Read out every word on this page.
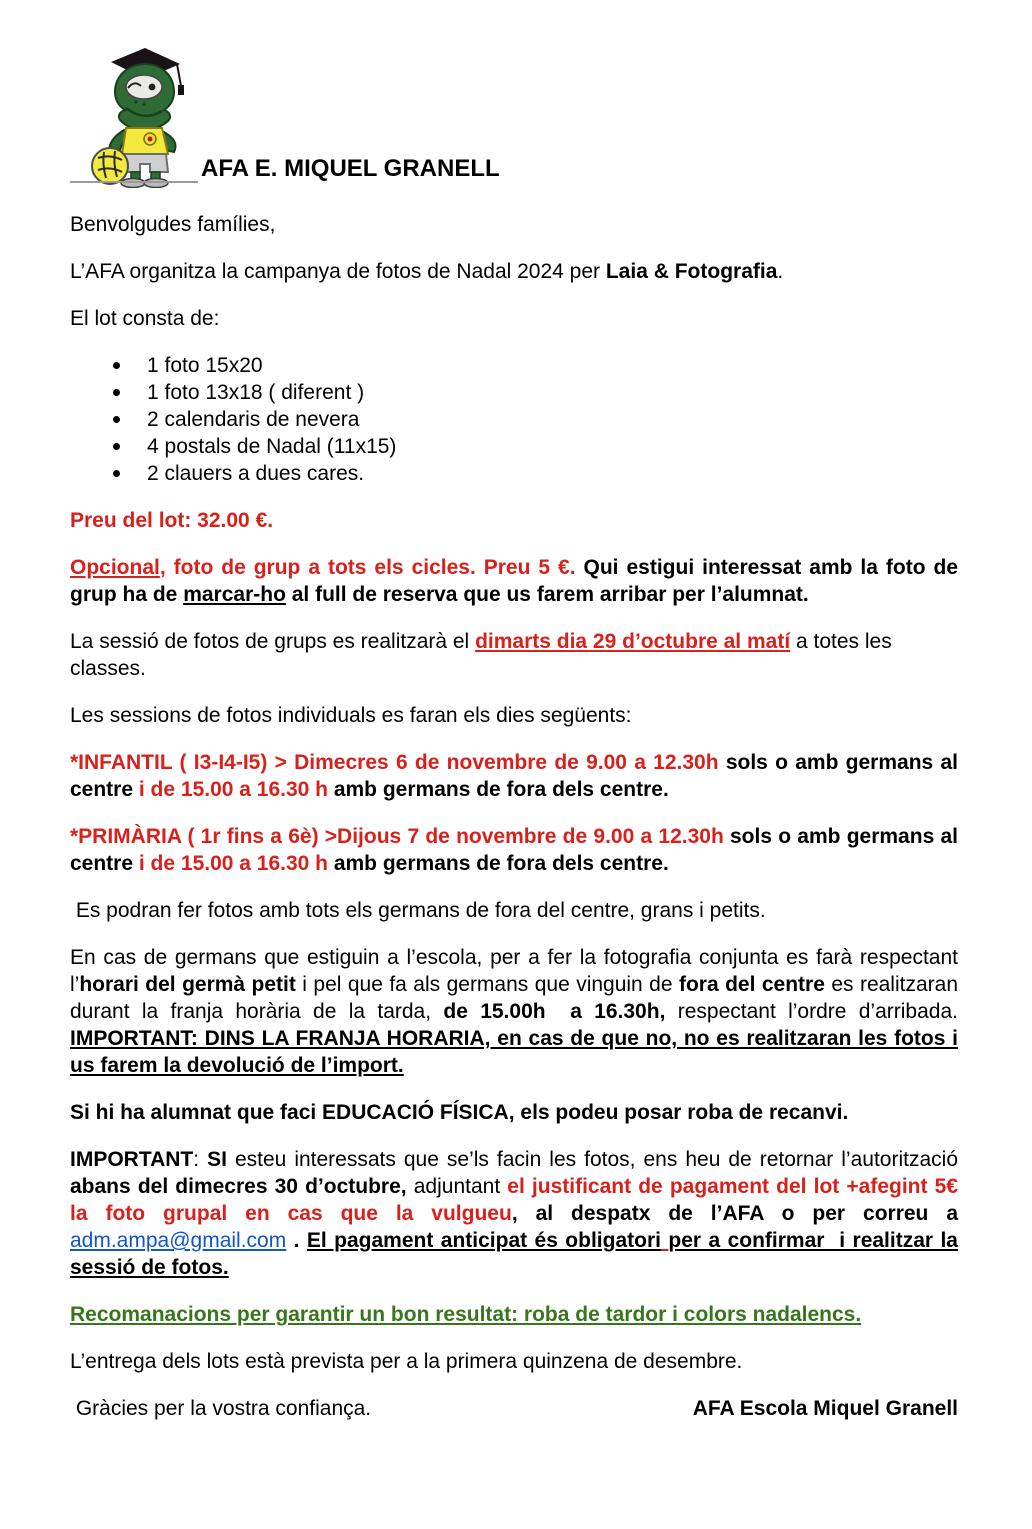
AFA E. MIQUEL GRANELL

Benvolgudes famílies,

L’AFA organitza la campanya de fotos de Nadal 2024 per Laia & Fotografia.

El lot consta de:

1 foto 15x20
1 foto 13x18 ( diferent )
2 calendaris de nevera
4 postals de Nadal (11x15)
2 clauers a dues cares.

Preu del lot: 32.00 €.

Opcional, foto de grup a tots els cicles. Preu 5 €. Qui estigui interessat amb la foto de grup ha de marcar-ho al full de reserva que us farem arribar per l’alumnat.

La sessió de fotos de grups es realitzarà el dimarts dia 29 d’octubre al matí a totes les classes.

Les sessions de fotos individuals es faran els dies següents:

*INFANTIL ( I3-I4-I5) > Dimecres 6 de novembre de 9.00 a 12.30h sols o amb germans al centre i de 15.00 a 16.30 h amb germans de fora dels centre.

*PRIMÀRIA ( 1r fins a 6è) >Dijous 7 de novembre de 9.00 a 12.30h sols o amb germans al centre i de 15.00 a 16.30 h amb germans de fora dels centre.

Es podran fer fotos amb tots els germans de fora del centre, grans i petits.

En cas de germans que estiguin a l’escola, per a fer la fotografia conjunta es farà respectant l’horari del germà petit i pel que fa als germans que vinguin de fora del centre es realitzaran durant la franja horària de la tarda, de 15.00h  a 16.30h, respectant l’ordre d’arribada. IMPORTANT: DINS LA FRANJA HORARIA, en cas de que no, no es realitzaran les fotos i us farem la devolució de l’import.

Si hi ha alumnat que faci EDUCACIÓ FÍSICA, els podeu posar roba de recanvi.

IMPORTANT: SI esteu interessats que se’ls facin les fotos, ens heu de retornar l’autorització abans del dimecres 30 d’octubre, adjuntant el justificant de pagament del lot +afegint 5€ la foto grupal en cas que la vulgueu, al despatx de l’AFA o per correu a adm.ampa@gmail.com . El pagament anticipat és obligatori per a confirmar  i realitzar la sessió de fotos.

Recomanacions per garantir un bon resultat: roba de tardor i colors nadalencs.

L’entrega dels lots està prevista per a la primera quinzena de desembre.

Gràcies per la vostra confiança.	AFA Escola Miquel Granell
